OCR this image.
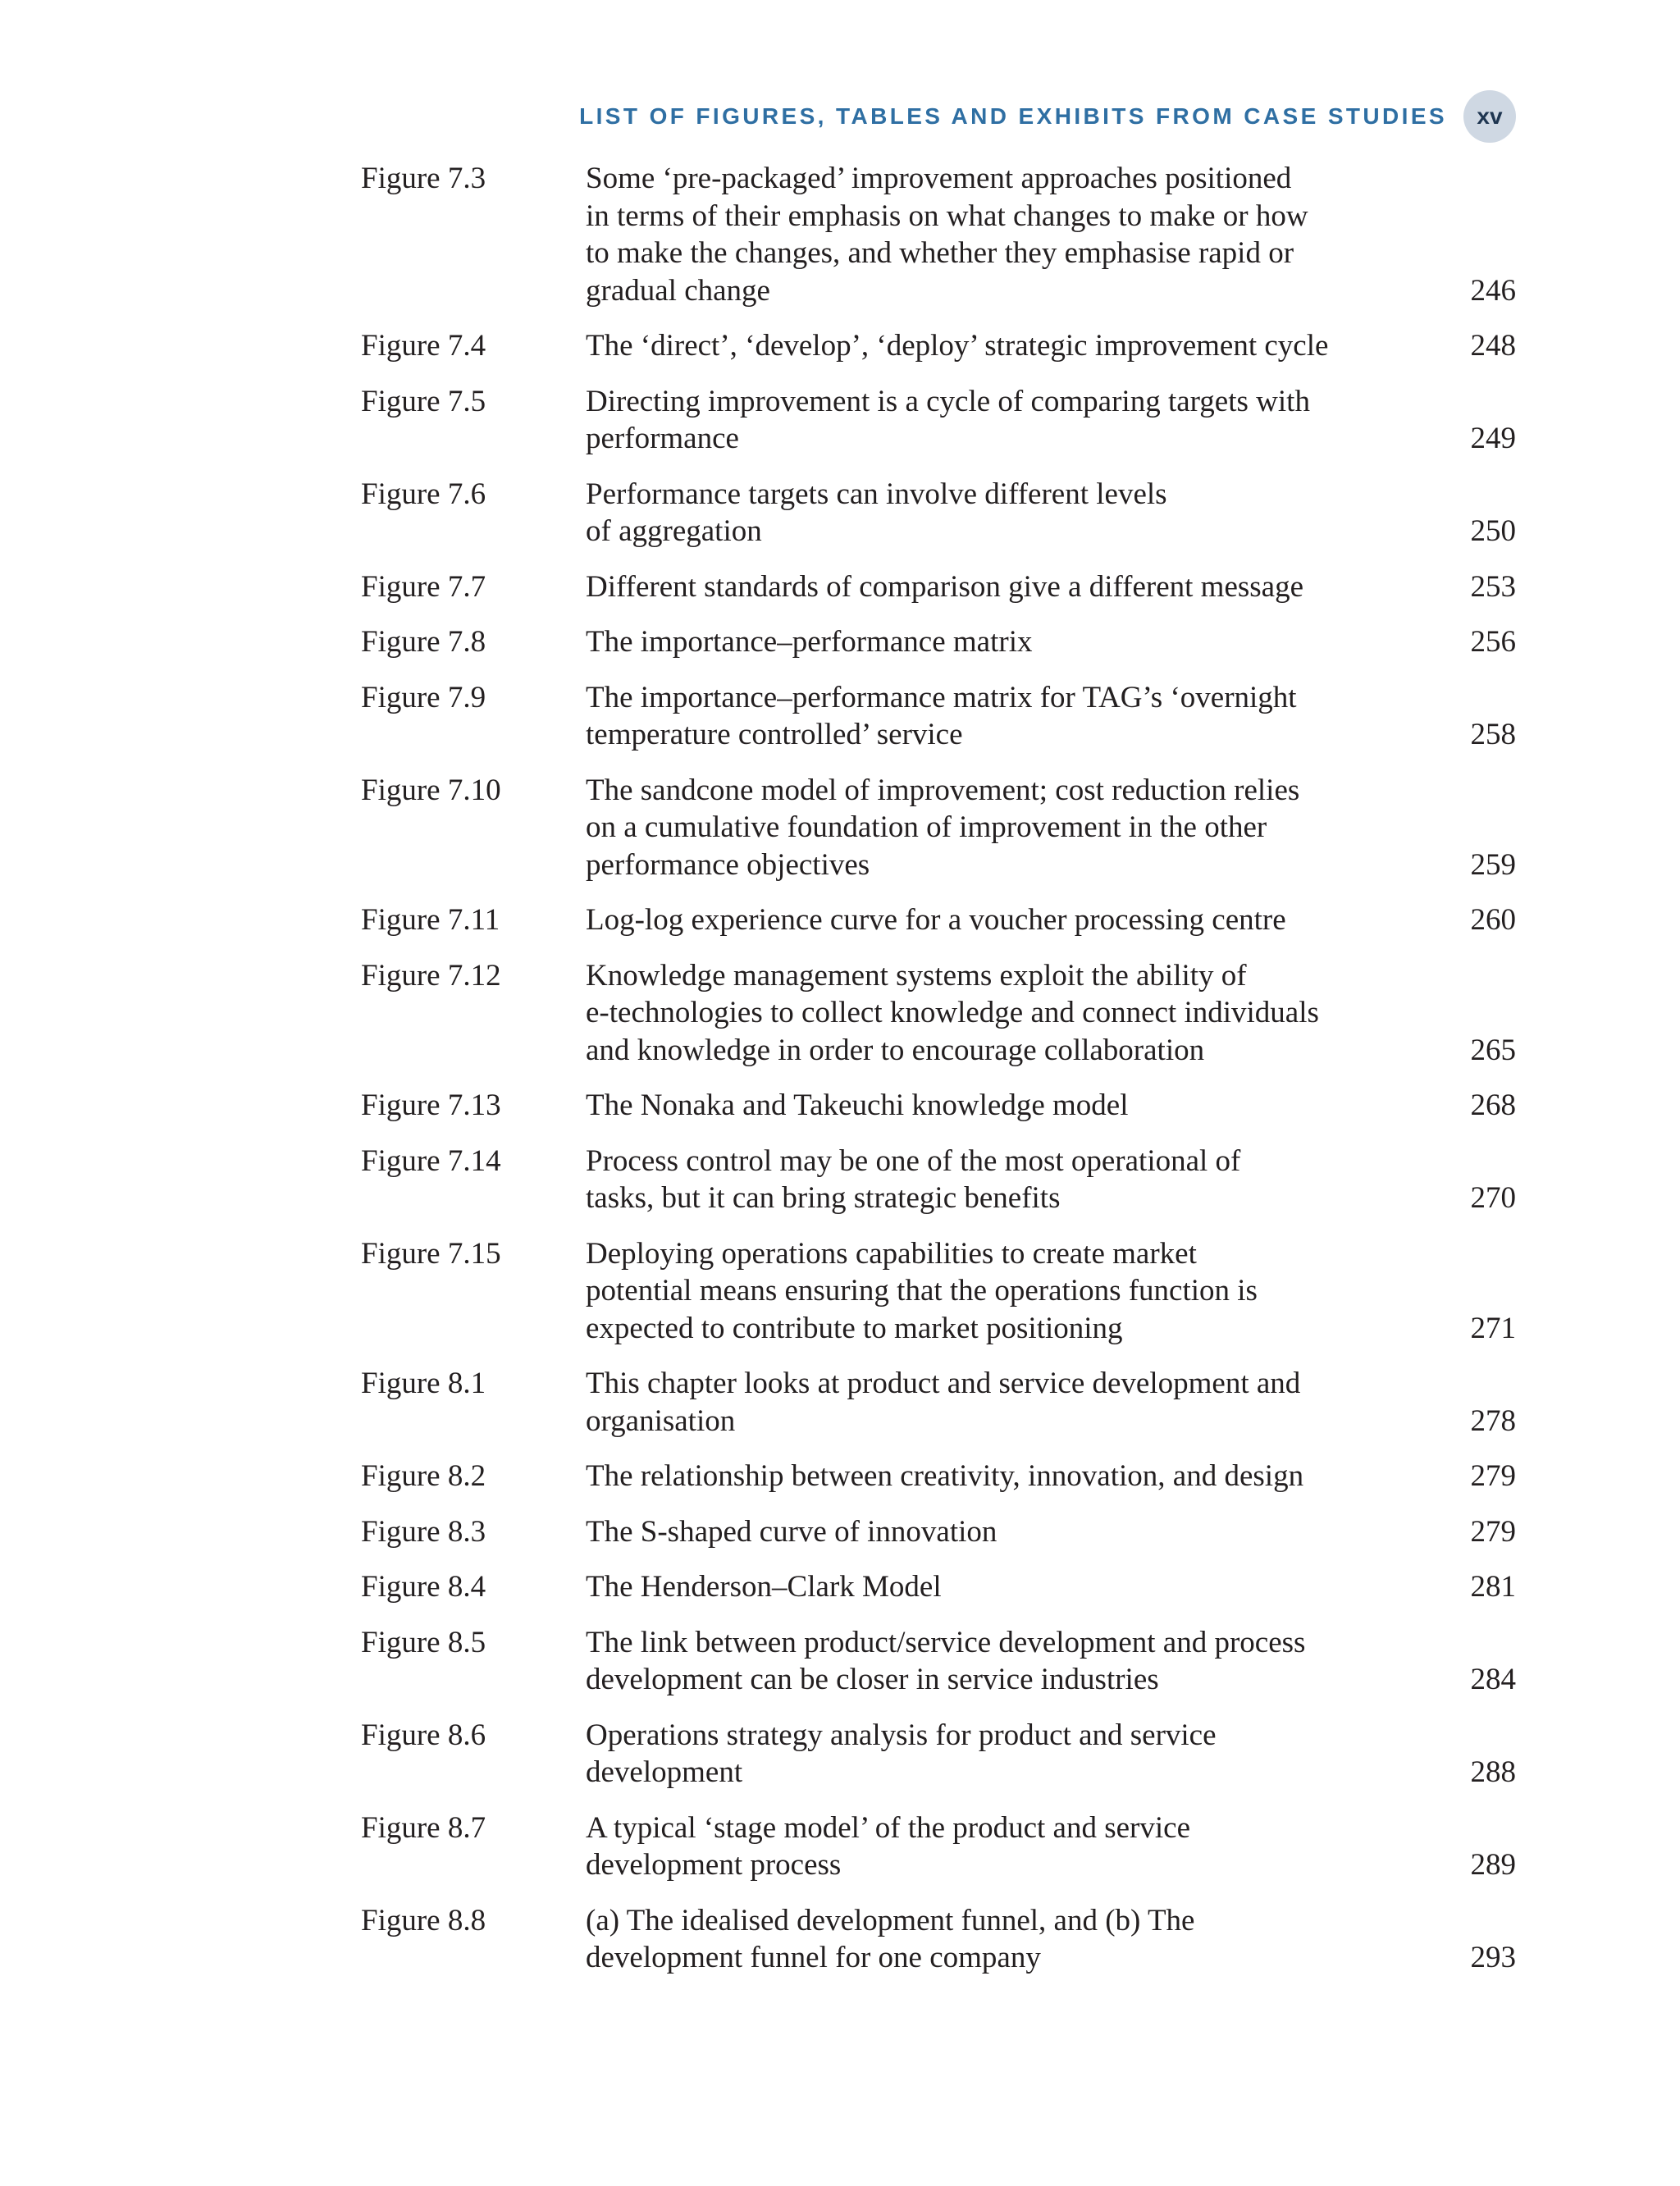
LIST OF FIGURES, TABLES AND EXHIBITS FROM CASE STUDIES	xv
Figure 7.3	Some ‘pre-packaged’ improvement approaches positioned
in terms of their emphasis on what changes to make or how
to make the changes, and whether they emphasise rapid or
gradual change	246
Figure 7.4	The ‘direct’, ‘develop’, ‘deploy’ strategic improvement cycle	248
Figure 7.5	Directing improvement is a cycle of comparing targets with
performance	249
Figure 7.6	Performance targets can involve different levels
of aggregation	250
Figure 7.7	Different standards of comparison give a different message	253
Figure 7.8	The importance–performance matrix	256
Figure 7.9	The importance–performance matrix for TAG’s ‘overnight
temperature controlled’ service	258
Figure 7.10	The sandcone model of improvement; cost reduction relies
on a cumulative foundation of improvement in the other
performance objectives	259
Figure 7.11	Log-log experience curve for a voucher processing centre	260
Figure 7.12	Knowledge management systems exploit the ability of
e-technologies to collect knowledge and connect individuals
and knowledge in order to encourage collaboration	265
Figure 7.13	The Nonaka and Takeuchi knowledge model	268
Figure 7.14	Process control may be one of the most operational of
tasks, but it can bring strategic benefits	270
Figure 7.15	Deploying operations capabilities to create market
potential means ensuring that the operations function is
expected to contribute to market positioning	271
Figure 8.1	This chapter looks at product and service development and
organisation	278
Figure 8.2	The relationship between creativity, innovation, and design	279
Figure 8.3	The S-shaped curve of innovation	279
Figure 8.4	The Henderson–Clark Model	281
Figure 8.5	The link between product/service development and process
development can be closer in service industries	284
Figure 8.6	Operations strategy analysis for product and service
development	288
Figure 8.7	A typical ‘stage model’ of the product and service
development process	289
Figure 8.8	(a) The idealised development funnel, and (b) The
development funnel for one company	293
